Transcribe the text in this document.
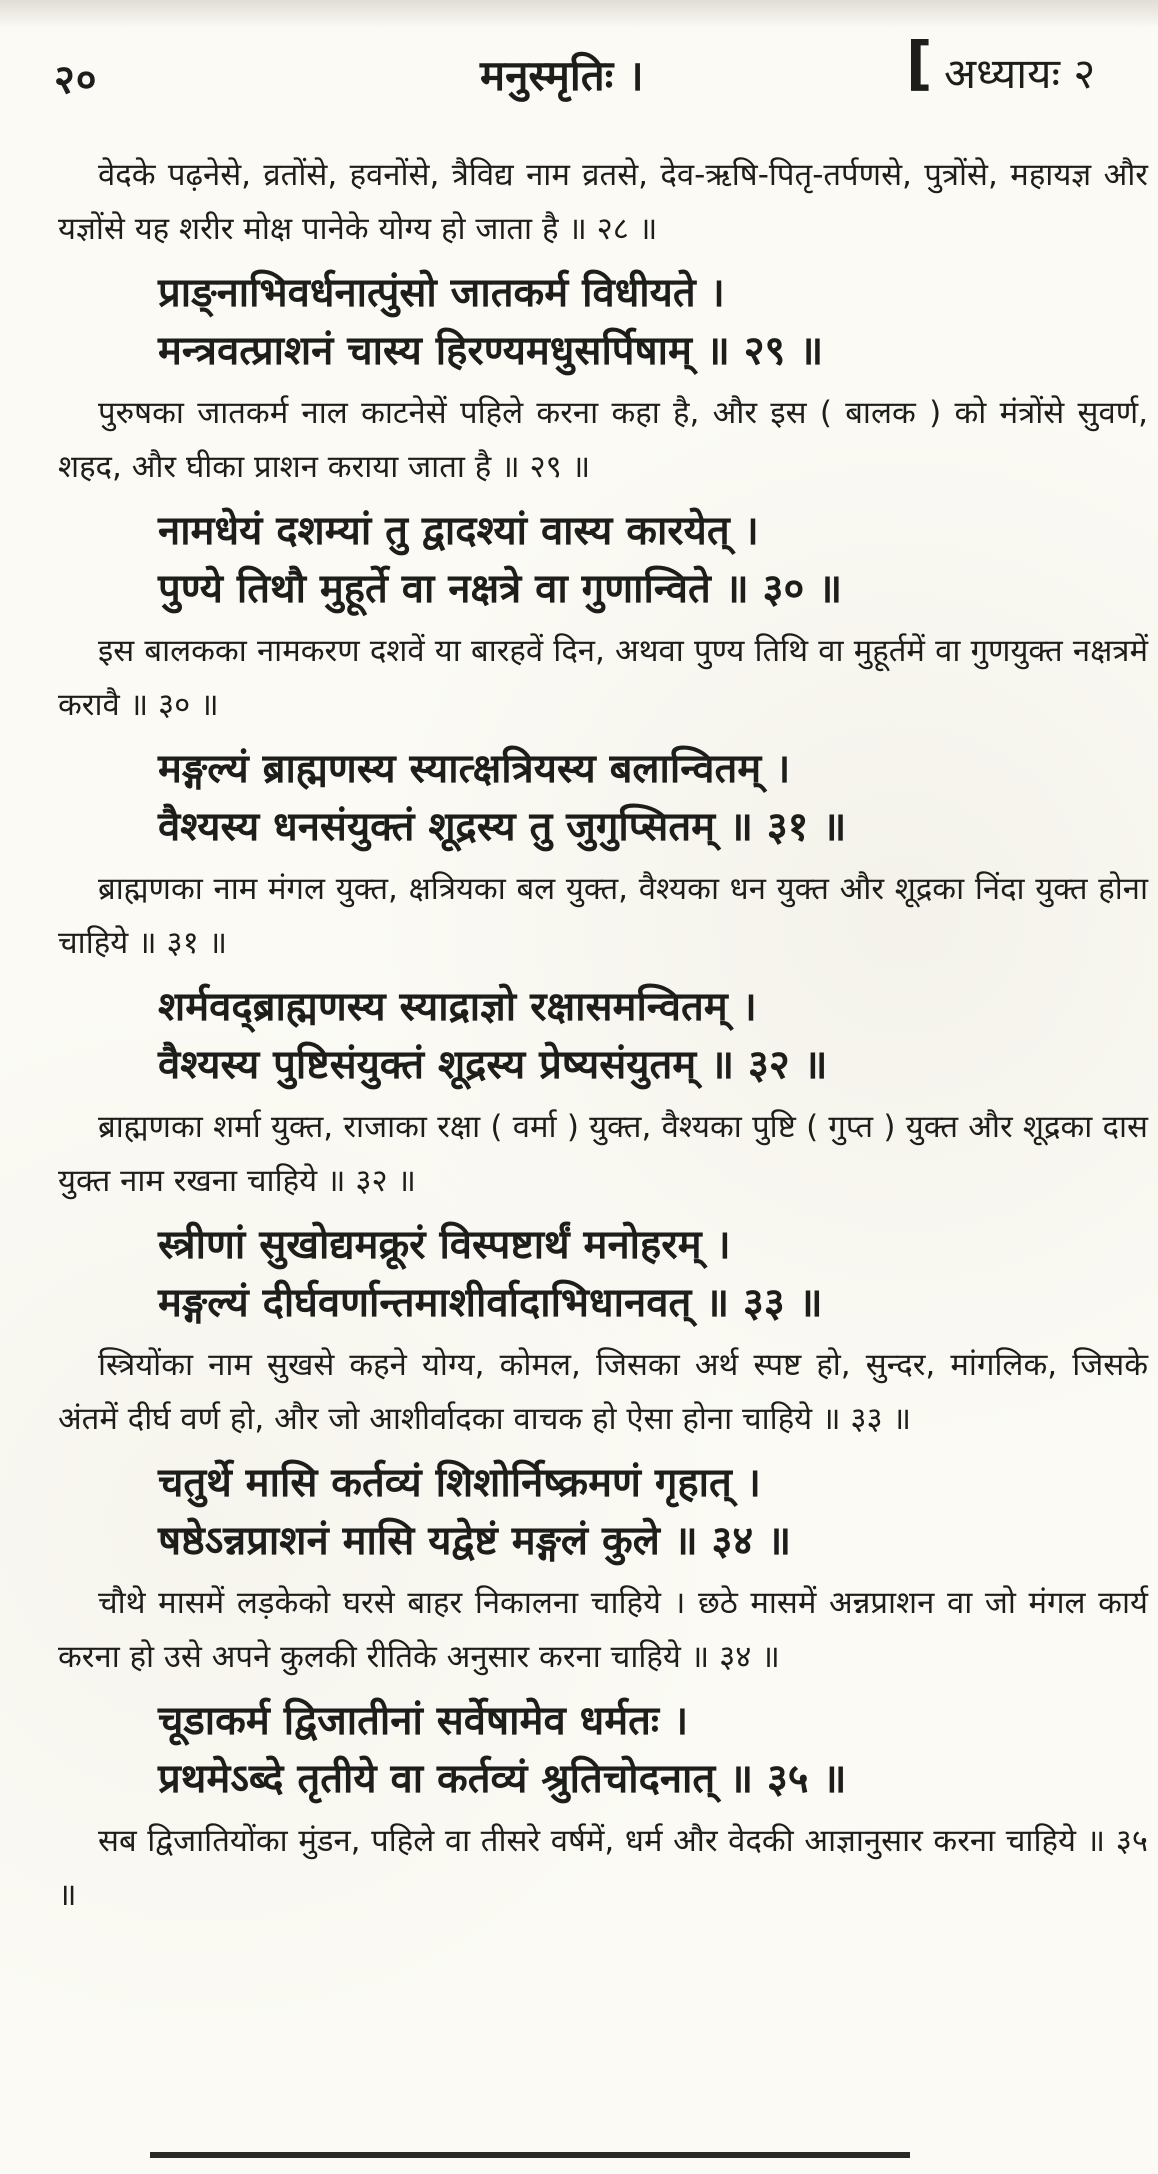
२०	मनुस्मृतिः ।	[ अध्यायः २

वेदके पढ़नेसे, व्रतोंसे, हवनोंसे, त्रैविद्य नाम व्रतसे, देव-ऋषि-पितृ-तर्पणसे, पुत्रोंसे, महायज्ञ और यज्ञोंसे यह शरीर मोक्ष पानेके योग्य हो जाता है ॥ २८ ॥

प्राङ्नाभिवर्धनात्पुंसो जातकर्म विधीयते ।
मन्त्रवत्प्राशनं चास्य हिरण्यमधुसर्पिषाम् ॥ २९ ॥

पुरुषका जातकर्म नाल काटनेसें पहिले करना कहा है, और इस ( बालक ) को मंत्रोंसे सुवर्ण, शहद, और घीका प्राशन कराया जाता है ॥ २९ ॥

नामधेयं दशम्यां तु द्वादश्यां वास्य कारयेत् ।
पुण्ये तिथौ मुहूर्ते वा नक्षत्रे वा गुणान्विते ॥ ३० ॥

इस बालकका नामकरण दशवें या बारहवें दिन, अथवा पुण्य तिथि वा मुहूर्तमें वा गुणयुक्त नक्षत्रमें करावै ॥ ३० ॥

मङ्गल्यं ब्राह्मणस्य स्यात्क्षत्रियस्य बलान्वितम् ।
वैश्यस्य धनसंयुक्तं शूद्रस्य तु जुगुप्सितम् ॥ ३१ ॥

ब्राह्मणका नाम मंगल युक्त, क्षत्रियका बल युक्त, वैश्यका धन युक्त और शूद्रका निंदा युक्त होना चाहिये ॥ ३१ ॥

शर्मवद्ब्राह्मणस्य स्याद्राज्ञो रक्षासमन्वितम् ।
वैश्यस्य पुष्टिसंयुक्तं शूद्रस्य प्रेष्यसंयुतम् ॥ ३२ ॥

ब्राह्मणका शर्मा युक्त, राजाका रक्षा ( वर्मा ) युक्त, वैश्यका पुष्टि ( गुप्त ) युक्त और शूद्रका दास युक्त नाम रखना चाहिये ॥ ३२ ॥

स्त्रीणां सुखोद्यमक्रूरं विस्पष्टार्थं मनोहरम् ।
मङ्गल्यं दीर्घवर्णान्तमाशीर्वादाभिधानवत् ॥ ३३ ॥

स्त्रियोंका नाम सुखसे कहने योग्य, कोमल, जिसका अर्थ स्पष्ट हो, सुन्दर, मांगलिक, जिसके अंतमें दीर्घ वर्ण हो, और जो आशीर्वादका वाचक हो ऐसा होना चाहिये ॥ ३३ ॥

चतुर्थे मासि कर्तव्यं शिशोर्निष्क्रमणं गृहात् ।
षष्ठेऽन्नप्राशनं मासि यद्वेष्टं मङ्गलं कुले ॥ ३४ ॥

चौथे मासमें लड़केको घरसे बाहर निकालना चाहिये । छठे मासमें अन्नप्राशन वा जो मंगल कार्य करना हो उसे अपने कुलकी रीतिके अनुसार करना चाहिये ॥ ३४ ॥

चूडाकर्म द्विजातीनां सर्वेषामेव धर्मतः ।
प्रथमेऽब्दे तृतीये वा कर्तव्यं श्रुतिचोदनात् ॥ ३५ ॥

सब द्विजातियोंका मुंडन, पहिले वा तीसरे वर्षमें, धर्म और वेदकी आज्ञानुसार करना चाहिये ॥ ३५ ॥
